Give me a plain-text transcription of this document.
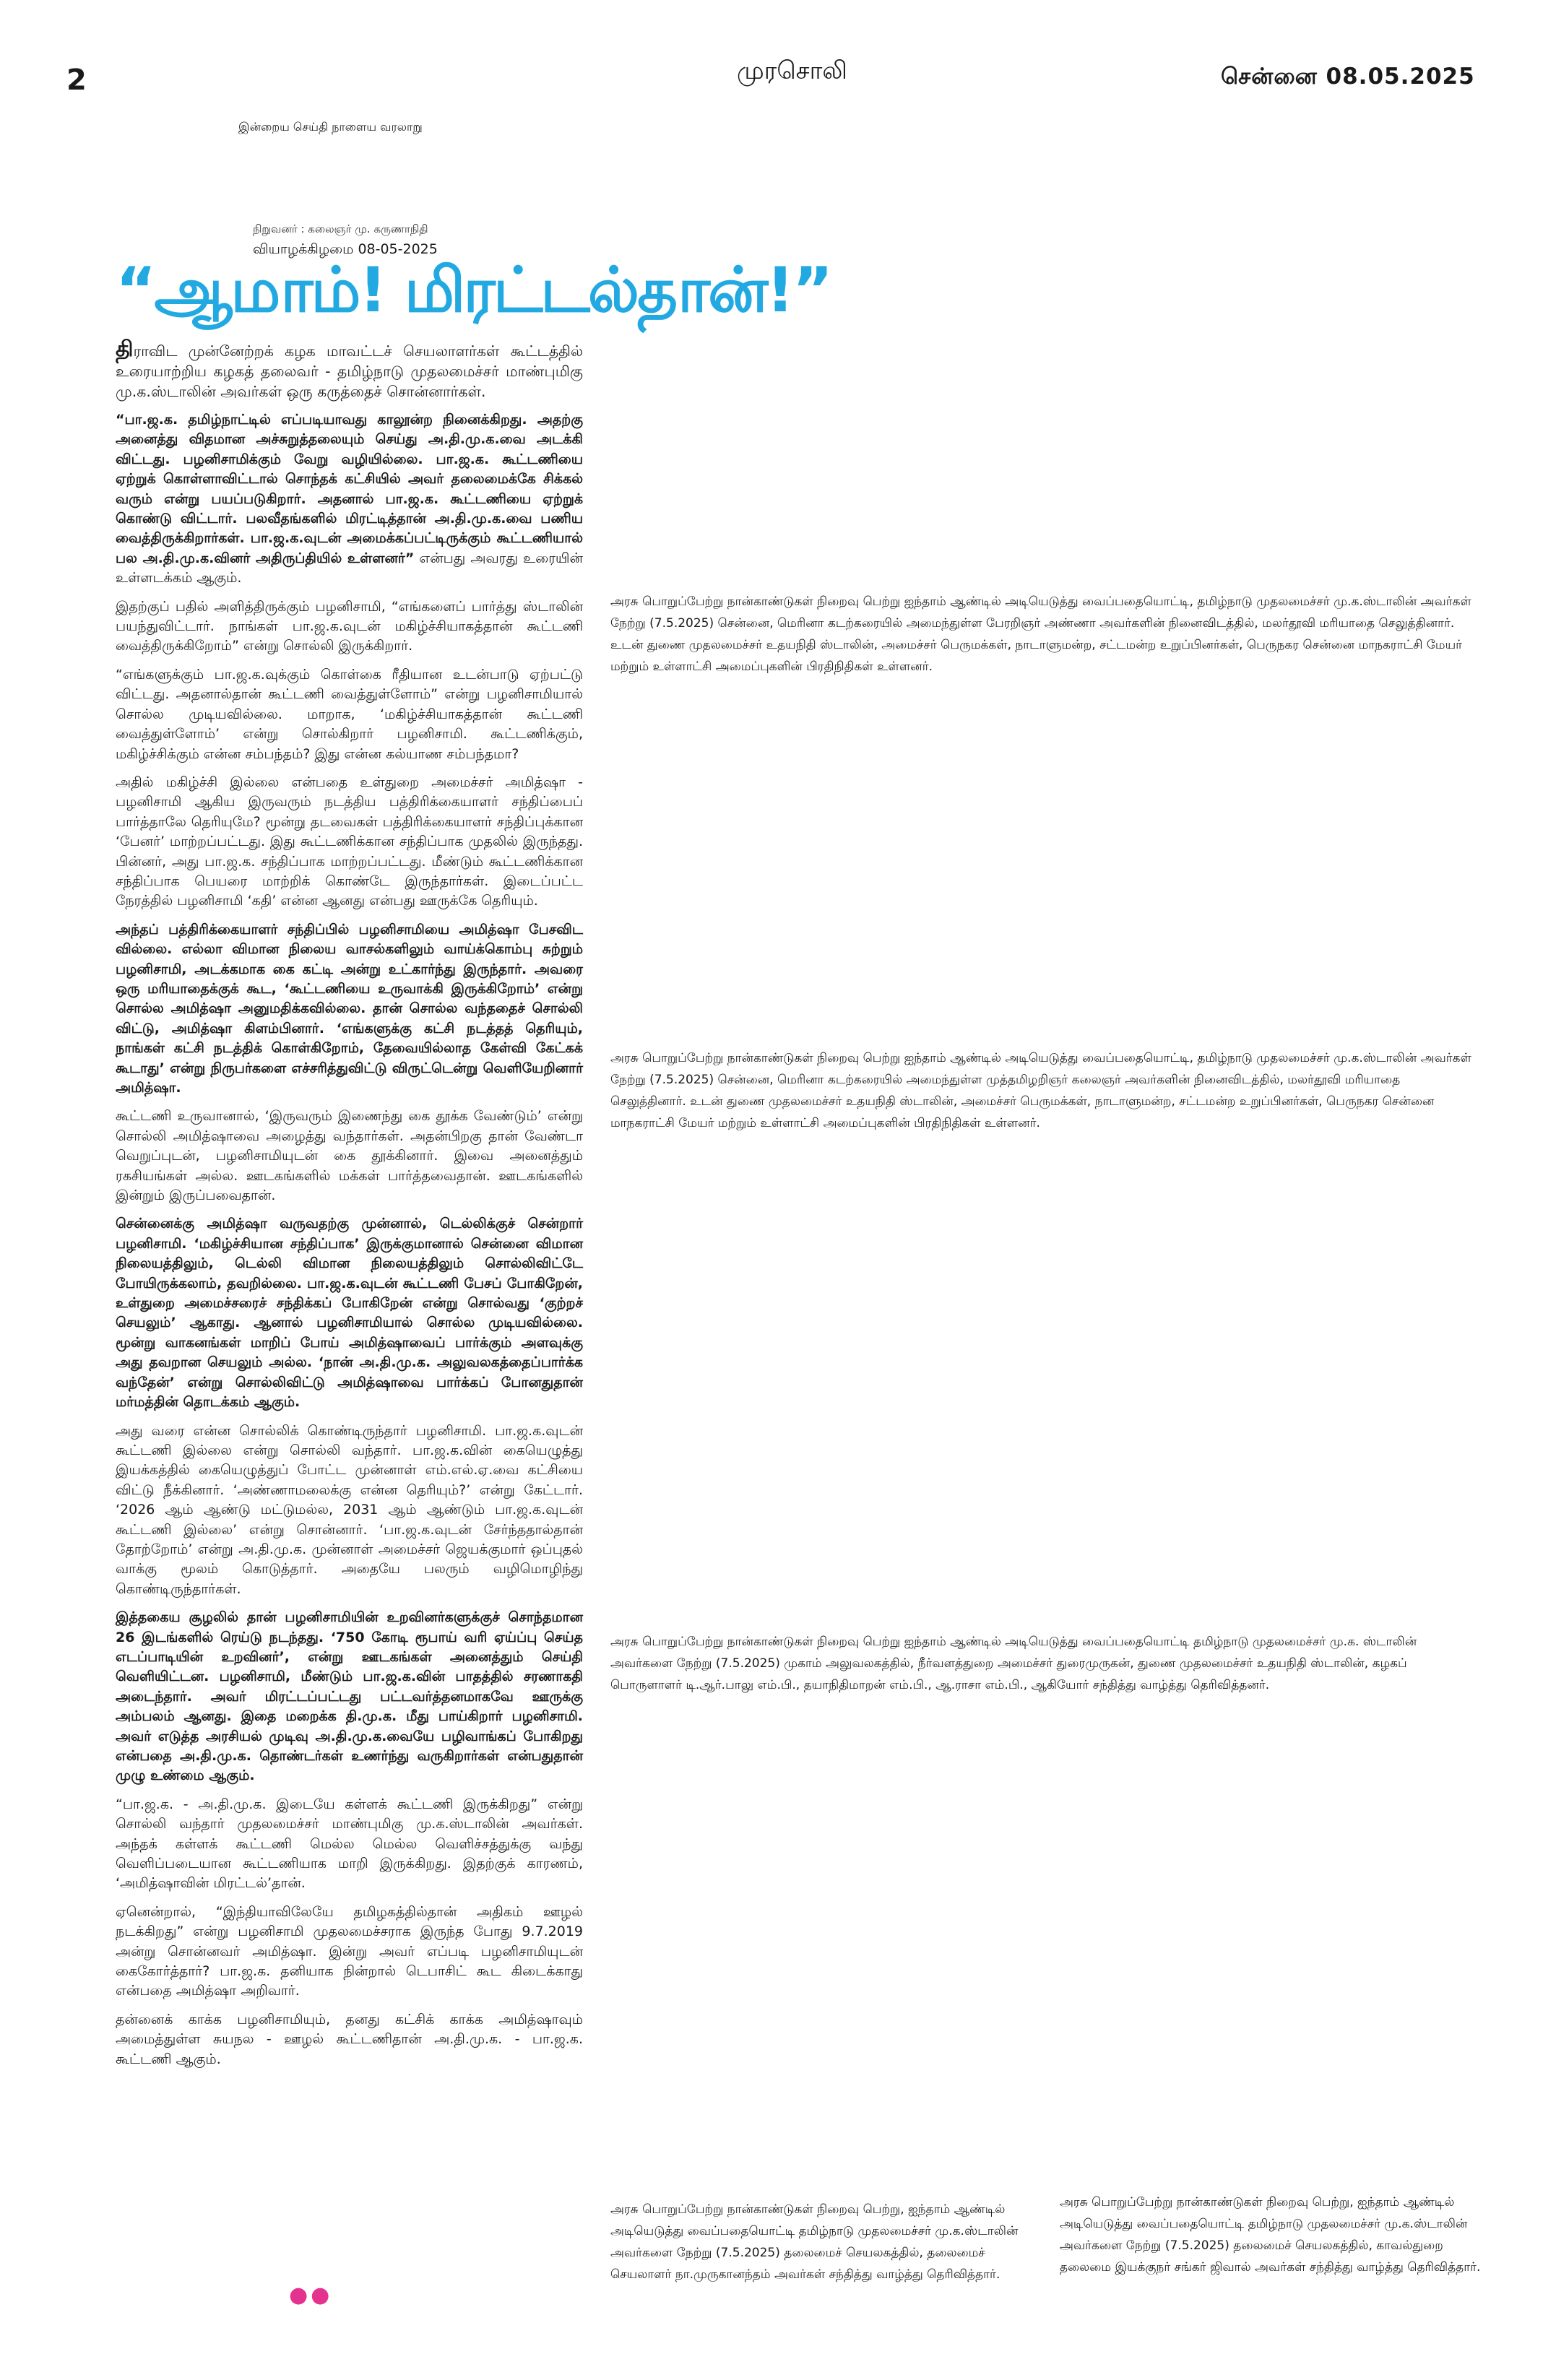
2	முரசொலி	சென்னை 08.05.2025
இன்றைய செய்தி நாளைய வரலாறு
நிறுவனர் : கலைஞர் மு. கருணாநிதி
வியாழக்கிழமை 08-05-2025
“ஆமாம்! மிரட்டல்தான்!”

திராவிட முன்னேற்றக் கழக மாவட்டச் செயலாளர்கள் கூட்டத்தில் உரையாற்றிய கழகத் தலைவர் - தமிழ்நாடு முதலமைச்சர் மாண்புமிகு மு.க.ஸ்டாலின் அவர்கள் ஒரு கருத்தைச் சொன்னார்கள்.

“பா.ஜ.க. தமிழ்நாட்டில் எப்படியாவது காலூன்ற நினைக்கிறது. அதற்கு அனைத்து விதமான அச்சுறுத்தலையும் செய்து அ.தி.மு.க.வை அடக்கி விட்டது. பழனிசாமிக்கும் வேறு வழியில்லை. பா.ஜ.க. கூட்டணியை ஏற்றுக் கொள்ளாவிட்டால் சொந்தக் கட்சியில் அவர் தலைமைக்கே சிக்கல் வரும் என்று பயப்படுகிறார். அதனால் பா.ஜ.க. கூட்டணியை ஏற்றுக் கொண்டு விட்டார். பலவீதங்களில் மிரட்டித்தான் அ.தி.மு.க.வை பணிய வைத்திருக்கிறார்கள். பா.ஜ.க.வுடன் அமைக்கப்பட்டிருக்கும் கூட்டணியால் பல அ.தி.மு.க.வினர் அதிருப்தியில் உள்ளனர்” என்பது அவரது உரையின் உள்ளடக்கம் ஆகும்.

இதற்குப் பதில் அளித்திருக்கும் பழனிசாமி, “எங்களைப் பார்த்து ஸ்டாலின் பயந்துவிட்டார். நாங்கள் பா.ஜ.க.வுடன் மகிழ்ச்சியாகத்தான் கூட்டணி வைத்திருக்கிறோம்” என்று சொல்லி இருக்கிறார்.

“எங்களுக்கும் பா.ஜ.க.வுக்கும் கொள்கை ரீதியான உடன்பாடு ஏற்பட்டு விட்டது. அதனால்தான் கூட்டணி வைத்துள்ளோம்” என்று பழனிசாமியால் சொல்ல முடியவில்லை. மாறாக, ‘மகிழ்ச்சியாகத்தான் கூட்டணி வைத்துள்ளோம்’ என்று சொல்கிறார் பழனிசாமி. கூட்டணிக்கும், மகிழ்ச்சிக்கும் என்ன சம்பந்தம்? இது என்ன கல்யாண சம்பந்தமா?

அதில் மகிழ்ச்சி இல்லை என்பதை உள்துறை அமைச்சர் அமித்ஷா - பழனிசாமி ஆகிய இருவரும் நடத்திய பத்திரிக்கையாளர் சந்திப்பைப் பார்த்தாலே தெரியுமே? மூன்று தடவைகள் பத்திரிக்கையாளர் சந்திப்புக்கான ‘பேனர்’ மாற்றப்பட்டது. இது கூட்டணிக்கான சந்திப்பாக முதலில் இருந்தது. பின்னர், அது பா.ஜ.க. சந்திப்பாக மாற்றப்பட்டது. மீண்டும் கூட்டணிக்கான சந்திப்பாக பெயரை மாற்றிக் கொண்டே இருந்தார்கள். இடைப்பட்ட நேரத்தில் பழனிசாமி ‘கதி’ என்ன ஆனது என்பது ஊருக்கே தெரியும்.

அந்தப் பத்திரிக்கையாளர் சந்திப்பில் பழனிசாமியை அமித்ஷா பேசவிட வில்லை. எல்லா விமான நிலைய வாசல்களிலும் வாய்க்கொம்பு சுற்றும் பழனிசாமி, அடக்கமாக கை கட்டி அன்று உட்கார்ந்து இருந்தார். அவரை ஒரு மரியாதைக்குக் கூட, ‘கூட்டணியை உருவாக்கி இருக்கிறோம்’ என்று சொல்ல அமித்ஷா அனுமதிக்கவில்லை. தான் சொல்ல வந்ததைச் சொல்லி விட்டு, அமித்ஷா கிளம்பினார். ‘எங்களுக்கு கட்சி நடத்தத் தெரியும், நாங்கள் கட்சி நடத்திக் கொள்கிறோம், தேவையில்லாத கேள்வி கேட்கக் கூடாது’ என்று நிருபர்களை எச்சரித்துவிட்டு விருட்டென்று வெளியேறினார் அமித்ஷா.

கூட்டணி உருவானால், ‘இருவரும் இணைந்து கை தூக்க வேண்டும்’ என்று சொல்லி அமித்ஷாவை அழைத்து வந்தார்கள். அதன்பிறகு தான் வேண்டா வெறுப்புடன், பழனிசாமியுடன் கை தூக்கினார். இவை அனைத்தும் ரகசியங்கள் அல்ல. ஊடகங்களில் மக்கள் பார்த்தவைதான். ஊடகங்களில் இன்றும் இருப்பவைதான்.

சென்னைக்கு அமித்ஷா வருவதற்கு முன்னால், டெல்லிக்குச் சென்றார் பழனிசாமி. ‘மகிழ்ச்சியான சந்திப்பாக’ இருக்குமானால் சென்னை விமான நிலையத்திலும், டெல்லி விமான நிலையத்திலும் சொல்லிவிட்டே போயிருக்கலாம், தவறில்லை. பா.ஜ.க.வுடன் கூட்டணி பேசப் போகிறேன், உள்துறை அமைச்சரைச் சந்திக்கப் போகிறேன் என்று சொல்வது ‘குற்றச் செயலும்’ ஆகாது. ஆனால் பழனிசாமியால் சொல்ல முடியவில்லை. மூன்று வாகனங்கள் மாறிப் போய் அமித்ஷாவைப் பார்க்கும் அளவுக்கு அது தவறான செயலும் அல்ல. ‘நான் அ.தி.மு.க. அலுவலகத்தைப்பார்க்க வந்தேன்’ என்று சொல்லிவிட்டு அமித்ஷாவை பார்க்கப் போனதுதான் மர்மத்தின் தொடக்கம் ஆகும்.

அது வரை என்ன சொல்லிக் கொண்டிருந்தார் பழனிசாமி. பா.ஜ.க.வுடன் கூட்டணி இல்லை என்று சொல்லி வந்தார். பா.ஜ.க.வின் கையெழுத்து இயக்கத்தில் கையெழுத்துப் போட்ட முன்னாள் எம்.எல்.ஏ.வை கட்சியை விட்டு நீக்கினார். ‘அண்ணாமலைக்கு என்ன தெரியும்?’ என்று கேட்டார். ‘2026 ஆம் ஆண்டு மட்டுமல்ல, 2031 ஆம் ஆண்டும் பா.ஜ.க.வுடன் கூட்டணி இல்லை’ என்று சொன்னார். ‘பா.ஜ.க.வுடன் சேர்ந்ததால்தான் தோற்றோம்’ என்று அ.தி.மு.க. முன்னாள் அமைச்சர் ஜெயக்குமார் ஒப்புதல் வாக்கு மூலம் கொடுத்தார். அதையே பலரும் வழிமொழிந்து கொண்டிருந்தார்கள்.

இத்தகைய சூழலில் தான் பழனிசாமியின் உறவினர்களுக்குச் சொந்தமான 26 இடங்களில் ரெய்டு நடந்தது. ‘750 கோடி ரூபாய் வரி ஏய்ப்பு செய்த எடப்பாடியின் உறவினர்’, என்று ஊடகங்கள் அனைத்தும் செய்தி வெளியிட்டன. பழனிசாமி, மீண்டும் பா.ஜ.க.வின் பாதத்தில் சரணாகதி அடைந்தார். அவர் மிரட்டப்பட்டது பட்டவர்த்தனமாகவே ஊருக்கு அம்பலம் ஆனது. இதை மறைக்க தி.மு.க. மீது பாய்கிறார் பழனிசாமி. அவர் எடுத்த அரசியல் முடிவு அ.தி.மு.க.வையே பழிவாங்கப் போகிறது என்பதை அ.தி.மு.க. தொண்டர்கள் உணர்ந்து வருகிறார்கள் என்பதுதான் முழு உண்மை ஆகும்.

“பா.ஜ.க. - அ.தி.மு.க. இடையே கள்ளக் கூட்டணி இருக்கிறது” என்று சொல்லி வந்தார் முதலமைச்சர் மாண்புமிகு மு.க.ஸ்டாலின் அவர்கள். அந்தக் கள்ளக் கூட்டணி மெல்ல மெல்ல வெளிச்சத்துக்கு வந்து வெளிப்படையான கூட்டணியாக மாறி இருக்கிறது. இதற்குக் காரணம், ‘அமித்ஷாவின் மிரட்டல்’தான்.

ஏனென்றால், “இந்தியாவிலேயே தமிழகத்தில்தான் அதிகம் ஊழல் நடக்கிறது” என்று பழனிசாமி முதலமைச்சராக இருந்த போது 9.7.2019 அன்று சொன்னவர் அமித்ஷா. இன்று அவர் எப்படி பழனிசாமியுடன் கைகோர்த்தார்? பா.ஜ.க. தனியாக நின்றால் டெபாசிட் கூட கிடைக்காது என்பதை அமித்ஷா அறிவார்.

தன்னைக் காக்க பழனிசாமியும், தனது கட்சிக் காக்க அமித்ஷாவும் அமைத்துள்ள சுயநல - ஊழல் கூட்டணிதான் அ.தி.மு.க. - பா.ஜ.க. கூட்டணி ஆகும்.

●●
அரசு பொறுப்பேற்று நான்காண்டுகள் நிறைவு பெற்று ஐந்தாம் ஆண்டில் அடியெடுத்து வைப்பதையொட்டி, தமிழ்நாடு முதலமைச்சர் மு.க.ஸ்டாலின் அவர்கள் நேற்று (7.5.2025) சென்னை, மெரினா கடற்கரையில் அமைந்துள்ள பேரறிஞர் அண்ணா அவர்களின் நினைவிடத்தில், மலர்தூவி மரியாதை செலுத்தினார். உடன் துணை முதலமைச்சர் உதயநிதி ஸ்டாலின், அமைச்சர் பெருமக்கள், நாடாளுமன்ற, சட்டமன்ற உறுப்பினர்கள், பெருநகர சென்னை மாநகராட்சி மேயர் மற்றும் உள்ளாட்சி அமைப்புகளின் பிரதிநிதிகள் உள்ளனர்.
அரசு பொறுப்பேற்று நான்காண்டுகள் நிறைவு பெற்று ஐந்தாம் ஆண்டில் அடியெடுத்து வைப்பதையொட்டி, தமிழ்நாடு முதலமைச்சர் மு.க.ஸ்டாலின் அவர்கள் நேற்று (7.5.2025) சென்னை, மெரினா கடற்கரையில் அமைந்துள்ள முத்தமிழறிஞர் கலைஞர் அவர்களின் நினைவிடத்தில், மலர்தூவி மரியாதை செலுத்தினார். உடன் துணை முதலமைச்சர் உதயநிதி ஸ்டாலின், அமைச்சர் பெருமக்கள், நாடாளுமன்ற, சட்டமன்ற உறுப்பினர்கள், பெருநகர சென்னை மாநகராட்சி மேயர் மற்றும் உள்ளாட்சி அமைப்புகளின் பிரதிநிதிகள் உள்ளனர்.
அரசு பொறுப்பேற்று நான்காண்டுகள் நிறைவு பெற்று ஐந்தாம் ஆண்டில் அடியெடுத்து வைப்பதையொட்டி தமிழ்நாடு முதலமைச்சர் மு.க. ஸ்டாலின் அவர்களை நேற்று (7.5.2025) முகாம் அலுவலகத்தில், நீர்வளத்துறை அமைச்சர் துரைமுருகன், துணை முதலமைச்சர் உதயநிதி ஸ்டாலின், கழகப் பொருளாளர் டி.ஆர்.பாலு எம்.பி., தயாநிதிமாறன் எம்.பி., ஆ.ராசா எம்.பி., ஆகியோர் சந்தித்து வாழ்த்து தெரிவித்தனர்.
அரசு பொறுப்பேற்று நான்காண்டுகள் நிறைவு பெற்று, ஐந்தாம் ஆண்டில் அடியெடுத்து வைப்பதையொட்டி தமிழ்நாடு முதலமைச்சர் மு.க.ஸ்டாலின் அவர்களை நேற்று (7.5.2025) தலைமைச் செயலகத்தில், தலைமைச் செயலாளர் நா.முருகானந்தம் அவர்கள் சந்தித்து வாழ்த்து தெரிவித்தார்.
அரசு பொறுப்பேற்று நான்காண்டுகள் நிறைவு பெற்று, ஐந்தாம் ஆண்டில் அடியெடுத்து வைப்பதையொட்டி தமிழ்நாடு முதலமைச்சர் மு.க.ஸ்டாலின் அவர்களை நேற்று (7.5.2025) தலைமைச் செயலகத்தில், காவல்துறை தலைமை இயக்குநர் சங்கர் ஜிவால் அவர்கள் சந்தித்து வாழ்த்து தெரிவித்தார்.
